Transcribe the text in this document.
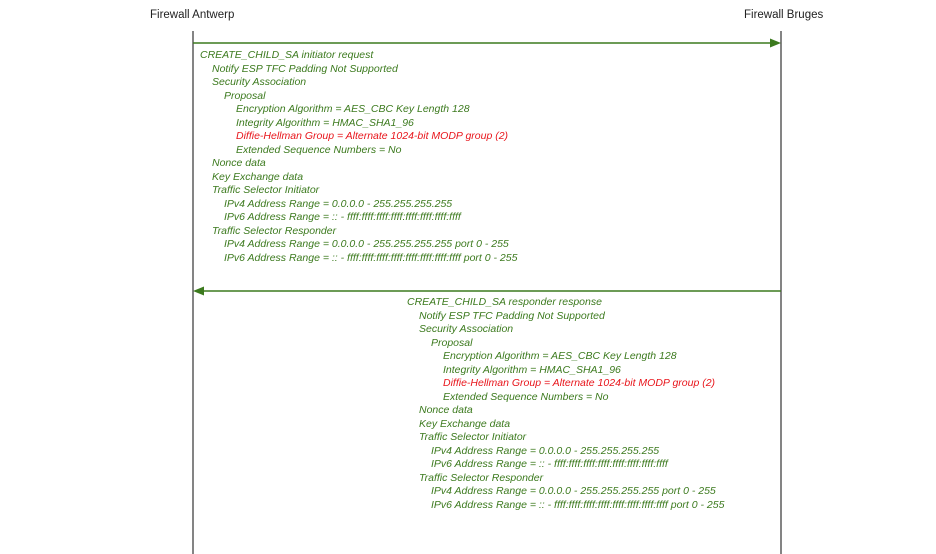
Firewall Antwerp	Firewall Bruges
CREATE_CHILD_SA initiator request
Notify ESP TFC Padding Not Supported
Security Association
Proposal
Encryption Algorithm = AES_CBC Key Length 128
Integrity Algorithm = HMAC_SHA1_96
Diffie-Hellman Group = Alternate 1024-bit MODP group (2)
Extended Sequence Numbers = No
Nonce data
Key Exchange data
Traffic Selector Initiator
IPv4 Address Range = 0.0.0.0 - 255.255.255.255
IPv6 Address Range = :: - ffff:ffff:ffff:ffff:ffff:ffff:ffff:ffff
Traffic Selector Responder
IPv4 Address Range = 0.0.0.0 - 255.255.255.255 port 0 - 255
IPv6 Address Range = :: - ffff:ffff:ffff:ffff:ffff:ffff:ffff:ffff port 0 - 255
CREATE_CHILD_SA responder response
Notify ESP TFC Padding Not Supported
Security Association
Proposal
Encryption Algorithm = AES_CBC Key Length 128
Integrity Algorithm = HMAC_SHA1_96
Diffie-Hellman Group = Alternate 1024-bit MODP group (2)
Extended Sequence Numbers = No
Nonce data
Key Exchange data
Traffic Selector Initiator
IPv4 Address Range = 0.0.0.0 - 255.255.255.255
IPv6 Address Range = :: - ffff:ffff:ffff:ffff:ffff:ffff:ffff:ffff
Traffic Selector Responder
IPv4 Address Range = 0.0.0.0 - 255.255.255.255 port 0 - 255
IPv6 Address Range = :: - ffff:ffff:ffff:ffff:ffff:ffff:ffff:ffff port 0 - 255
